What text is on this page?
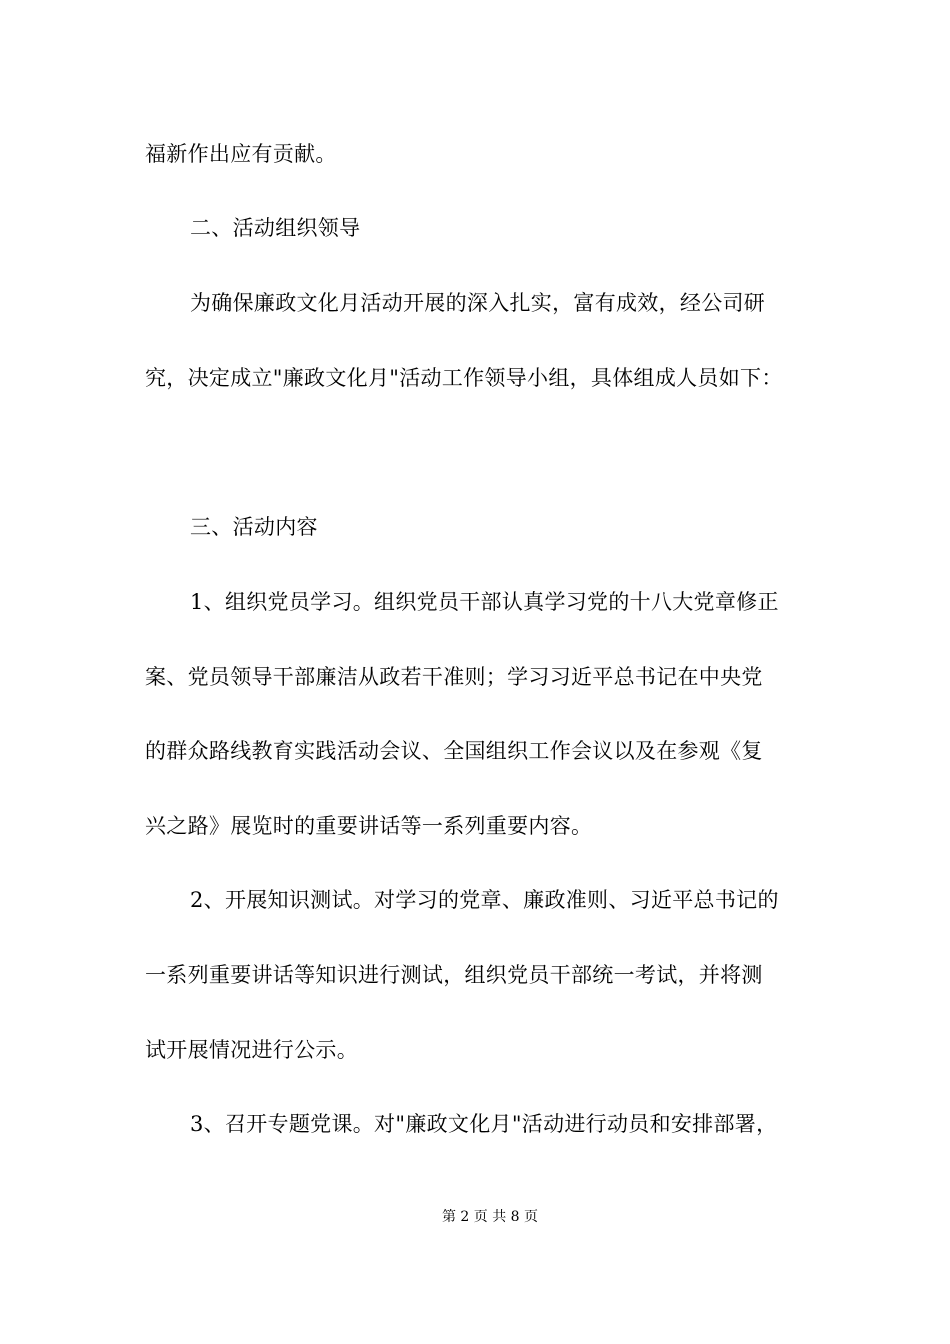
福新作出应有贡献。
二、活动组织领导
为确保廉政文化月活动开展的深入扎实，富有成效，经公司研
究，决定成立"廉政文化月"活动工作领导小组，具体组成人员如下：
三、活动内容
1、组织党员学习。组织党员干部认真学习党的十八大党章修正
案、党员领导干部廉洁从政若干准则；学习习近平总书记在中央党
的群众路线教育实践活动会议、全国组织工作会议以及在参观《复
兴之路》展览时的重要讲话等一系列重要内容。
2、开展知识测试。对学习的党章、廉政准则、习近平总书记的
一系列重要讲话等知识进行测试，组织党员干部统一考试，并将测
试开展情况进行公示。
3、召开专题党课。对"廉政文化月"活动进行动员和安排部署，
第 2 页 共 8 页
